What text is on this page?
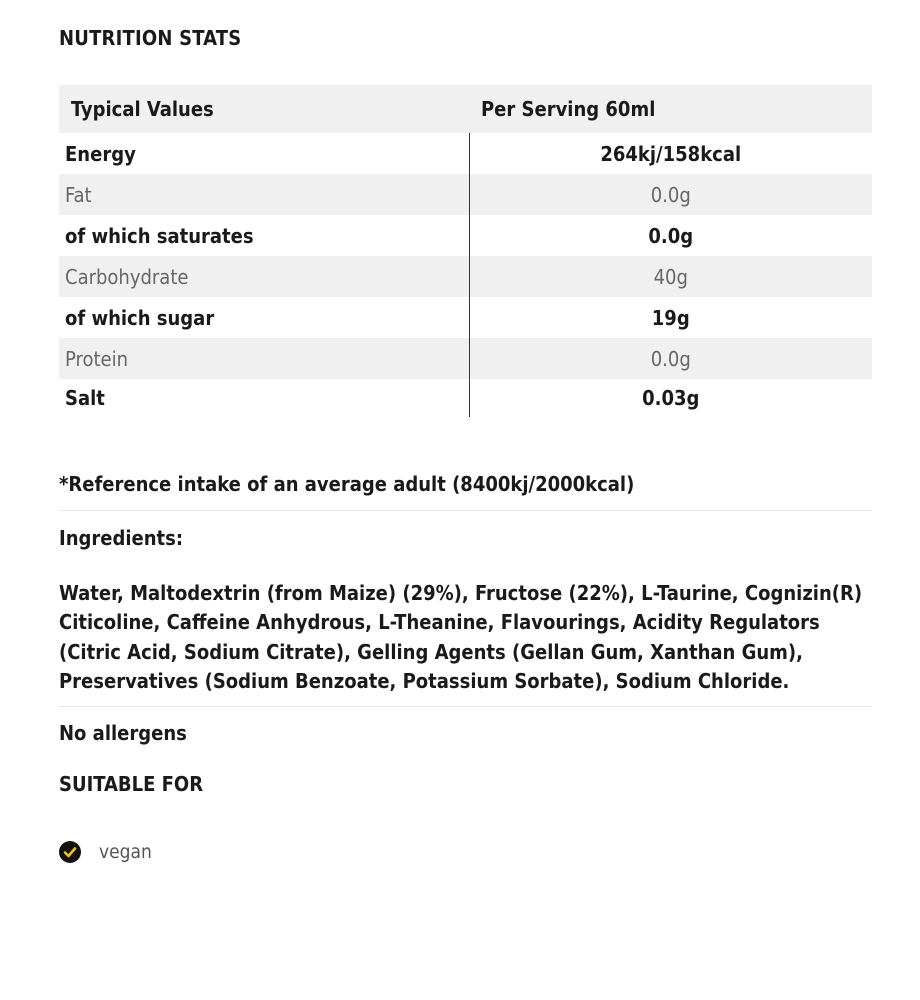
NUTRITION STATS
Typical Values	Per Serving 60ml
Energy	264kj/158kcal
Fat	0.0g
of which saturates	0.0g
Carbohydrate	40g
of which sugar	19g
Protein	0.0g
Salt	0.03g

*Reference intake of an average adult (8400kj/2000kcal)

Ingredients:

Water, Maltodextrin (from Maize) (29%), Fructose (22%), L-Taurine, Cognizin(R) Citicoline, Caffeine Anhydrous, L-Theanine, Flavourings, Acidity Regulators (Citric Acid, Sodium Citrate), Gelling Agents (Gellan Gum, Xanthan Gum), Preservatives (Sodium Benzoate, Potassium Sorbate), Sodium Chloride.

No allergens

SUITABLE FOR

vegan
